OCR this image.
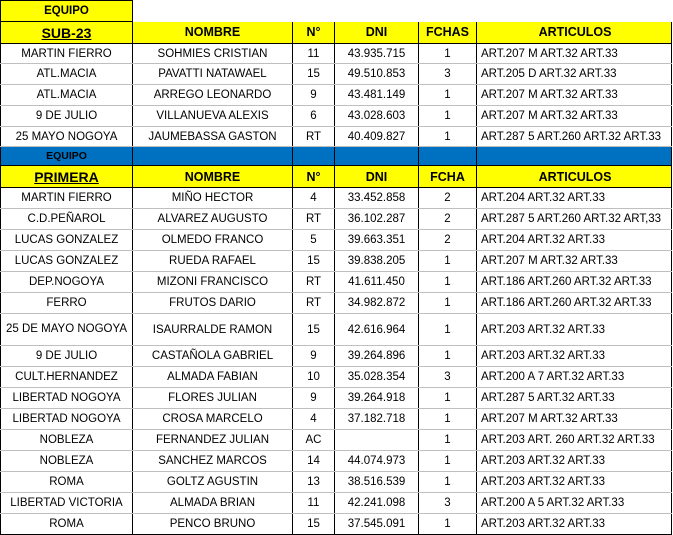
EQUIPO					
SUB-23	NOMBRE	N°	DNI	FCHAS	ARTICULOS
MARTIN FIERRO	SOHMIES CRISTIAN	11	43.935.715	1	ART.207 M ART.32 ART.33
ATL.MACIA	PAVATTI NATAWAEL	15	49.510.853	3	ART.205 D ART.32 ART.33
ATL.MACIA	ARREGO LEONARDO	9	43.481.149	1	ART.207 M ART.32 ART.33
9 DE JULIO	VILLANUEVA ALEXIS	6	43.028.603	1	ART.207 M ART.32 ART.33
25 MAYO NOGOYA	JAUMEBASSA GASTON	RT	40.409.827	1	ART.287 5 ART.260 ART.32 ART.33
EQUIPO					
PRIMERA	NOMBRE	N°	DNI	FCHA	ARTICULOS
MARTIN FIERRO	MIÑO HECTOR	4	33.452.858	2	ART.204 ART.32 ART.33
C.D.PEÑAROL	ALVAREZ AUGUSTO	RT	36.102.287	2	ART.287 5 ART.260 ART.32 ART,33
LUCAS GONZALEZ	OLMEDO FRANCO	5	39.663.351	2	ART.204 ART.32 ART.33
LUCAS GONZALEZ	RUEDA RAFAEL	15	39.838.205	1	ART.207 M ART.32 ART.33
DEP.NOGOYA	MIZONI FRANCISCO	RT	41.611.450	1	ART.186 ART.260 ART.32 ART.33
FERRO	FRUTOS DARIO	RT	34.982.872	1	ART.186 ART.260 ART.32 ART.33
25 DE MAYO NOGOYA	ISAURRALDE RAMON	15	42.616.964	1	ART.203 ART.32 ART.33
9 DE JULIO	CASTAÑOLA GABRIEL	9	39.264.896	1	ART.203 ART.32 ART.33
CULT.HERNANDEZ	ALMADA FABIAN	10	35.028.354	3	ART.200 A 7 ART.32 ART.33
LIBERTAD NOGOYA	FLORES JULIAN	9	39.264.918	1	ART.287 5 ART.32 ART.33
LIBERTAD NOGOYA	CROSA MARCELO	4	37.182.718	1	ART.207 M ART.32 ART.33
NOBLEZA	FERNANDEZ JULIAN	AC		1	ART.203 ART. 260 ART.32 ART.33
NOBLEZA	SANCHEZ MARCOS	14	44.074.973	1	ART.203 ART.32 ART.33
ROMA	GOLTZ AGUSTIN	13	38.516.539	1	ART.203 ART.32 ART.33
LIBERTAD VICTORIA	ALMADA BRIAN	11	42.241.098	3	ART.200 A 5 ART.32 ART.33
ROMA	PENCO BRUNO	15	37.545.091	1	ART.203 ART.32 ART.33
